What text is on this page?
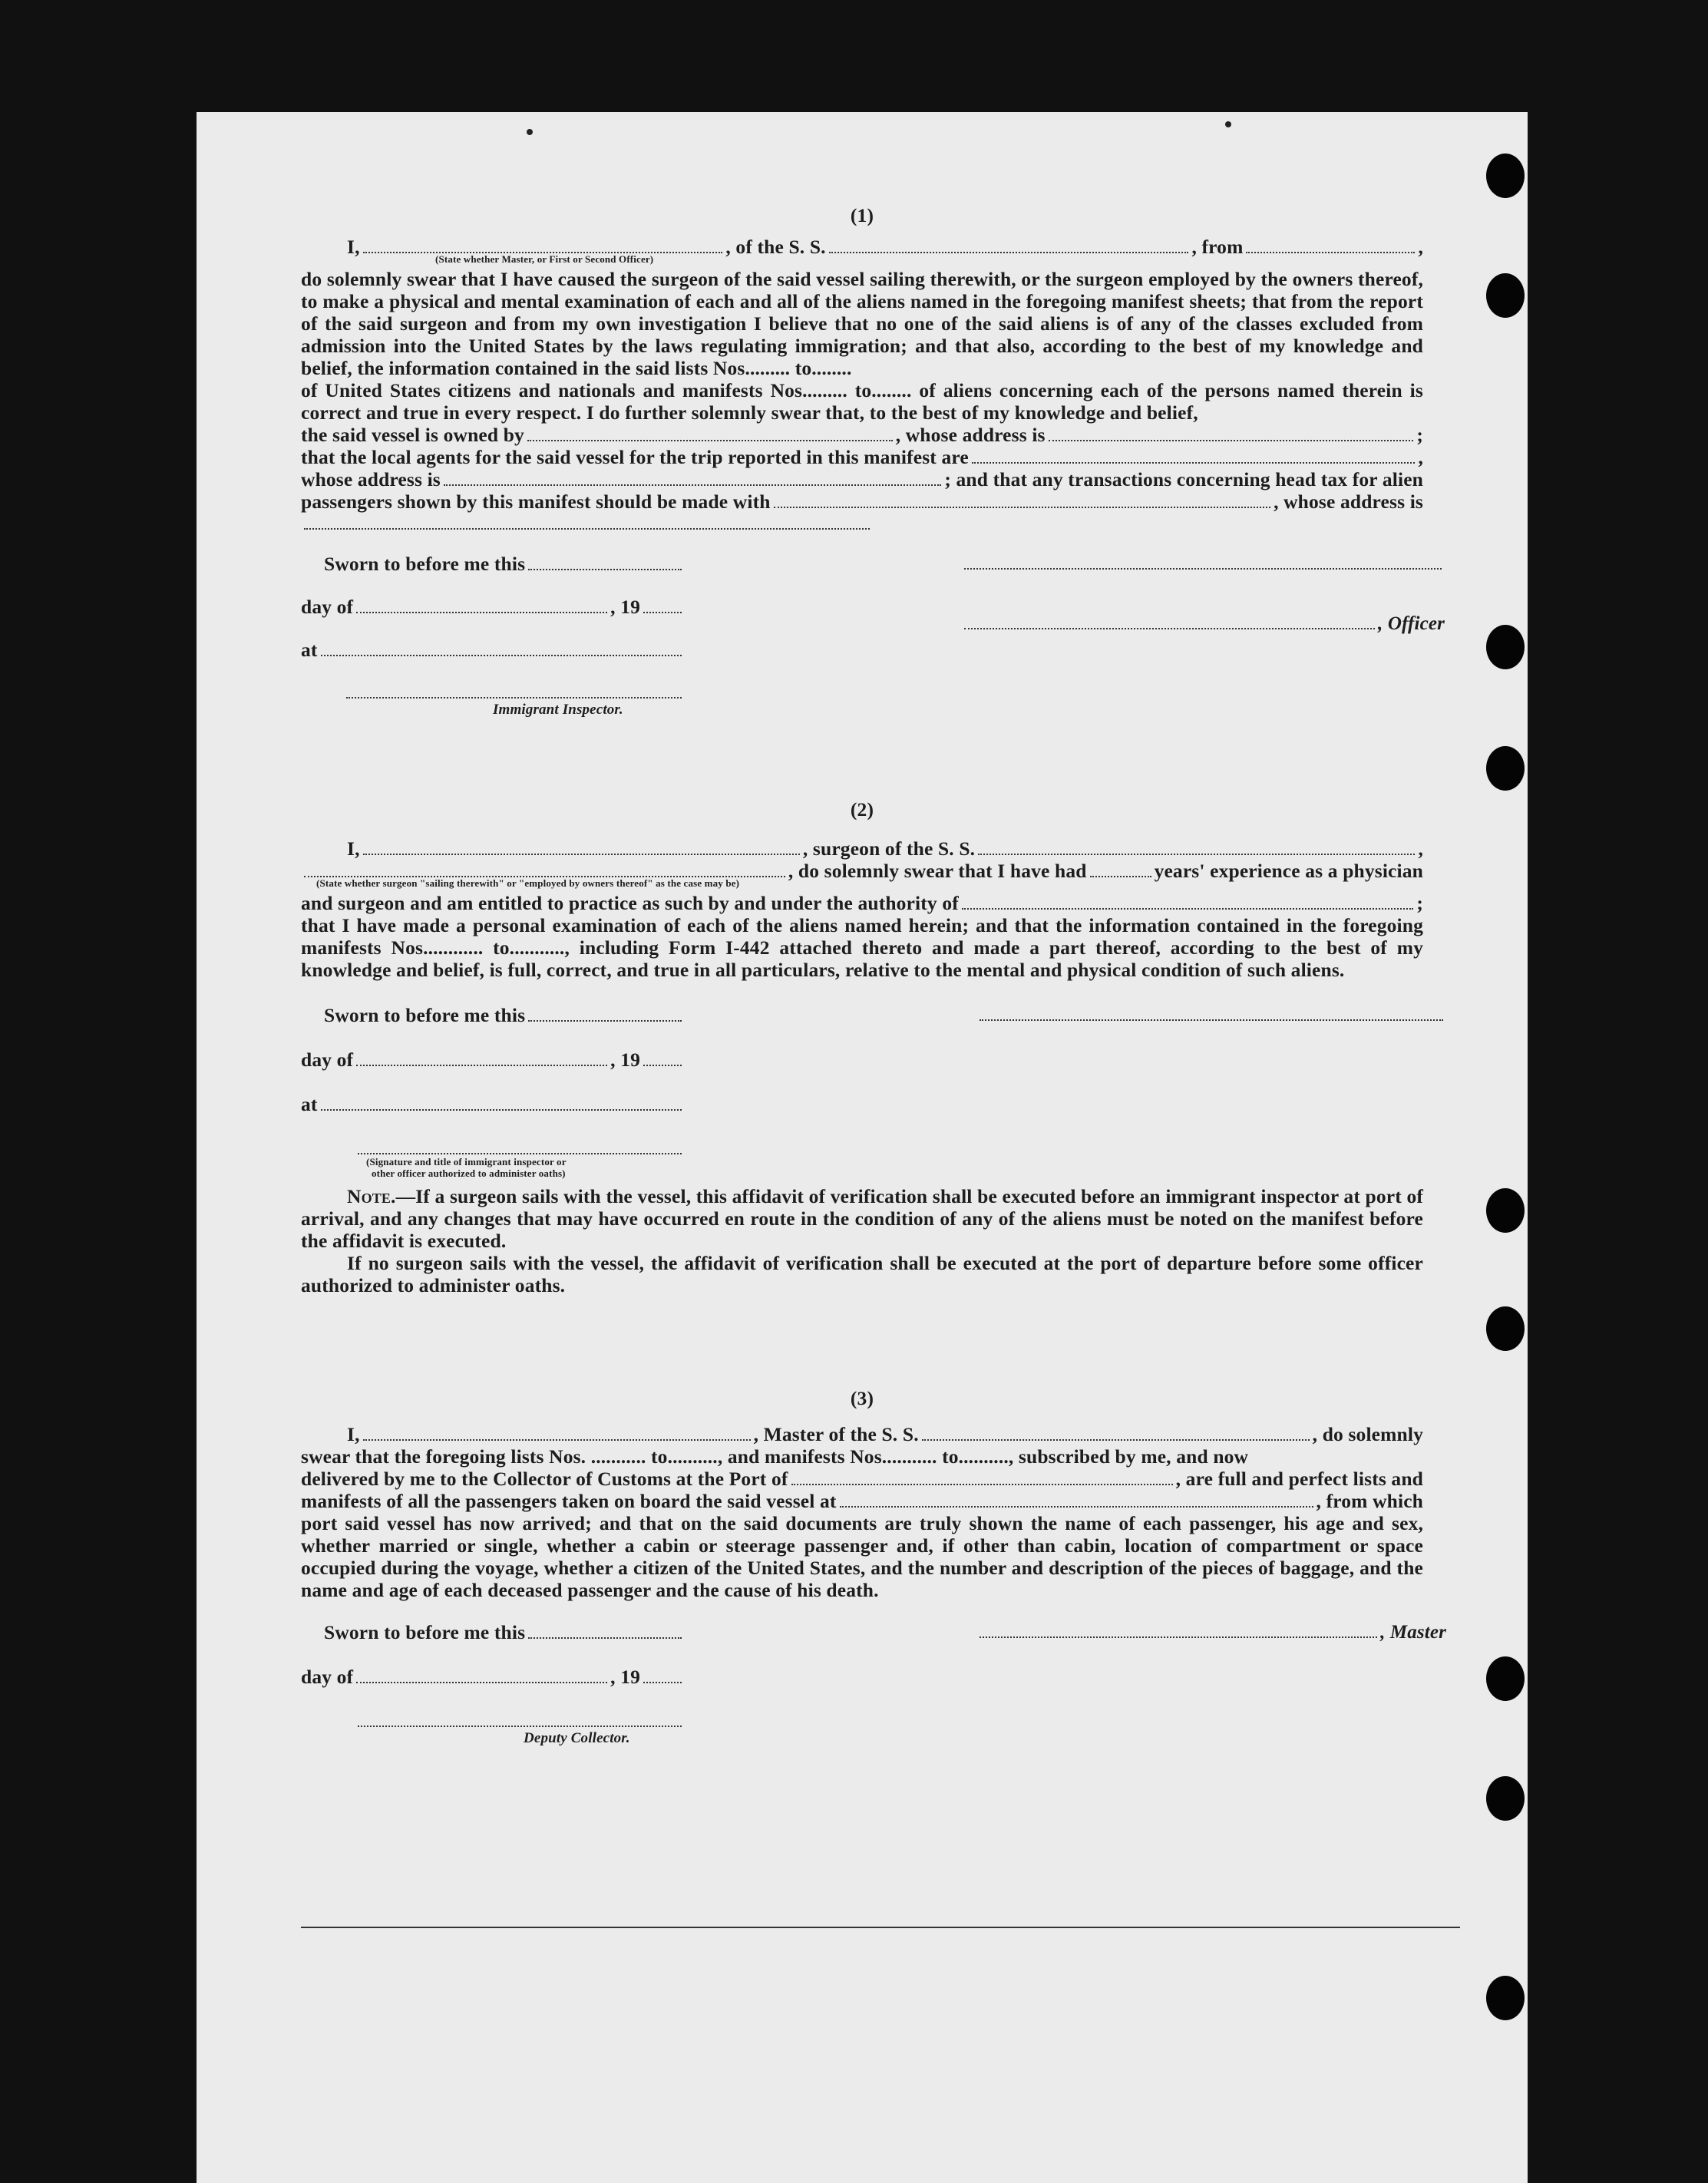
(1)
I,	, of the S. S.	, from	,
(State whether Master, or First or Second Officer)

do solemnly swear that I have caused the surgeon of the said vessel sailing therewith, or the surgeon employed by the owners thereof, to make a physical and mental examination of each and all of the aliens named in the foregoing manifest sheets; that from the report of the said surgeon and from my own investigation I believe that no one of the said aliens is of any of the classes excluded from admission into the United States by the laws regulating immigration; and that also, according to the best of my knowledge and belief, the information contained in the said lists Nos......... to........

of United States citizens and nationals and manifests Nos......... to........ of aliens concerning each of the persons named therein is correct and true in every respect. I do further solemnly swear that, to the best of my knowledge and belief,

the said vessel is owned by	, whose address is	;
that the local agents for the said vessel for the trip reported in this manifest are	,
whose address is	; and that any transactions concerning head tax for alien
passengers shown by this manifest should be made with	, whose address is
Sworn to before me this
day of	, 19
at
Immigrant Inspector.
, Officer
(2)
I,	, surgeon of the S. S.	,
, do solemnly swear that I have had	years' experience as a physician
(State whether surgeon "sailing therewith" or "employed by owners thereof" as the case may be)
and surgeon and am entitled to practice as such by and under the authority of	;

that I have made a personal examination of each of the aliens named herein; and that the information contained in the foregoing manifests Nos............ to..........., including Form I-442 attached thereto and made a part thereof, according to the best of my knowledge and belief, is full, correct, and true in all particulars, relative to the mental and physical condition of such aliens.

Sworn to before me this
day of	, 19
at
(Signature and title of immigrant inspector or
other officer authorized to administer oaths)

Note.—If a surgeon sails with the vessel, this affidavit of verification shall be executed before an immigrant inspector at port of arrival, and any changes that may have occurred en route in the condition of any of the aliens must be noted on the manifest before the affidavit is executed.

If no surgeon sails with the vessel, the affidavit of verification shall be executed at the port of departure before some officer authorized to administer oaths.

(3)
I,	, Master of the S. S.	, do solemnly

swear that the foregoing lists Nos. ........... to.........., and manifests Nos........... to.........., subscribed by me, and now

delivered by me to the Collector of Customs at the Port of	, are full and perfect lists and
manifests of all the passengers taken on board the said vessel at	, from which

port said vessel has now arrived; and that on the said documents are truly shown the name of each passenger, his age and sex, whether married or single, whether a cabin or steerage passenger and, if other than cabin, location of compartment or space occupied during the voyage, whether a citizen of the United States, and the number and description of the pieces of baggage, and the name and age of each deceased passenger and the cause of his death.

Sworn to before me this
day of	, 19
Deputy Collector.
, Master
